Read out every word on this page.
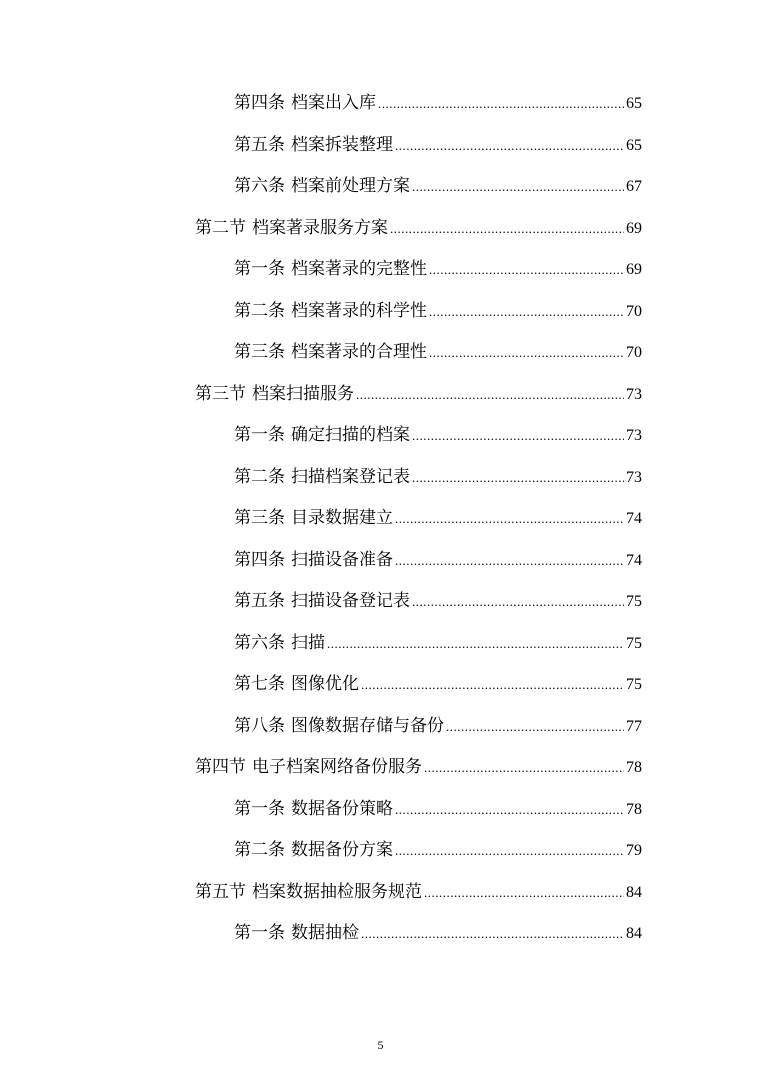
第四条 档案出入库 .....	65
第五条 档案拆装整理 .....	65
第六条 档案前处理方案 .....	67
第二节 档案著录服务方案 .....	69
第一条 档案著录的完整性 .....	69
第二条 档案著录的科学性 .....	70
第三条 档案著录的合理性 .....	70
第三节 档案扫描服务 .....	73
第一条 确定扫描的档案 .....	73
第二条 扫描档案登记表 .....	73
第三条 目录数据建立 .....	74
第四条 扫描设备准备 .....	74
第五条 扫描设备登记表 .....	75
第六条 扫描 .....	75
第七条 图像优化 .....	75
第八条 图像数据存储与备份 .....	77
第四节 电子档案网络备份服务 .....	78
第一条 数据备份策略 .....	78
第二条 数据备份方案 .....	79
第五节 档案数据抽检服务规范 .....	84
第一条 数据抽检 .....	84
5
